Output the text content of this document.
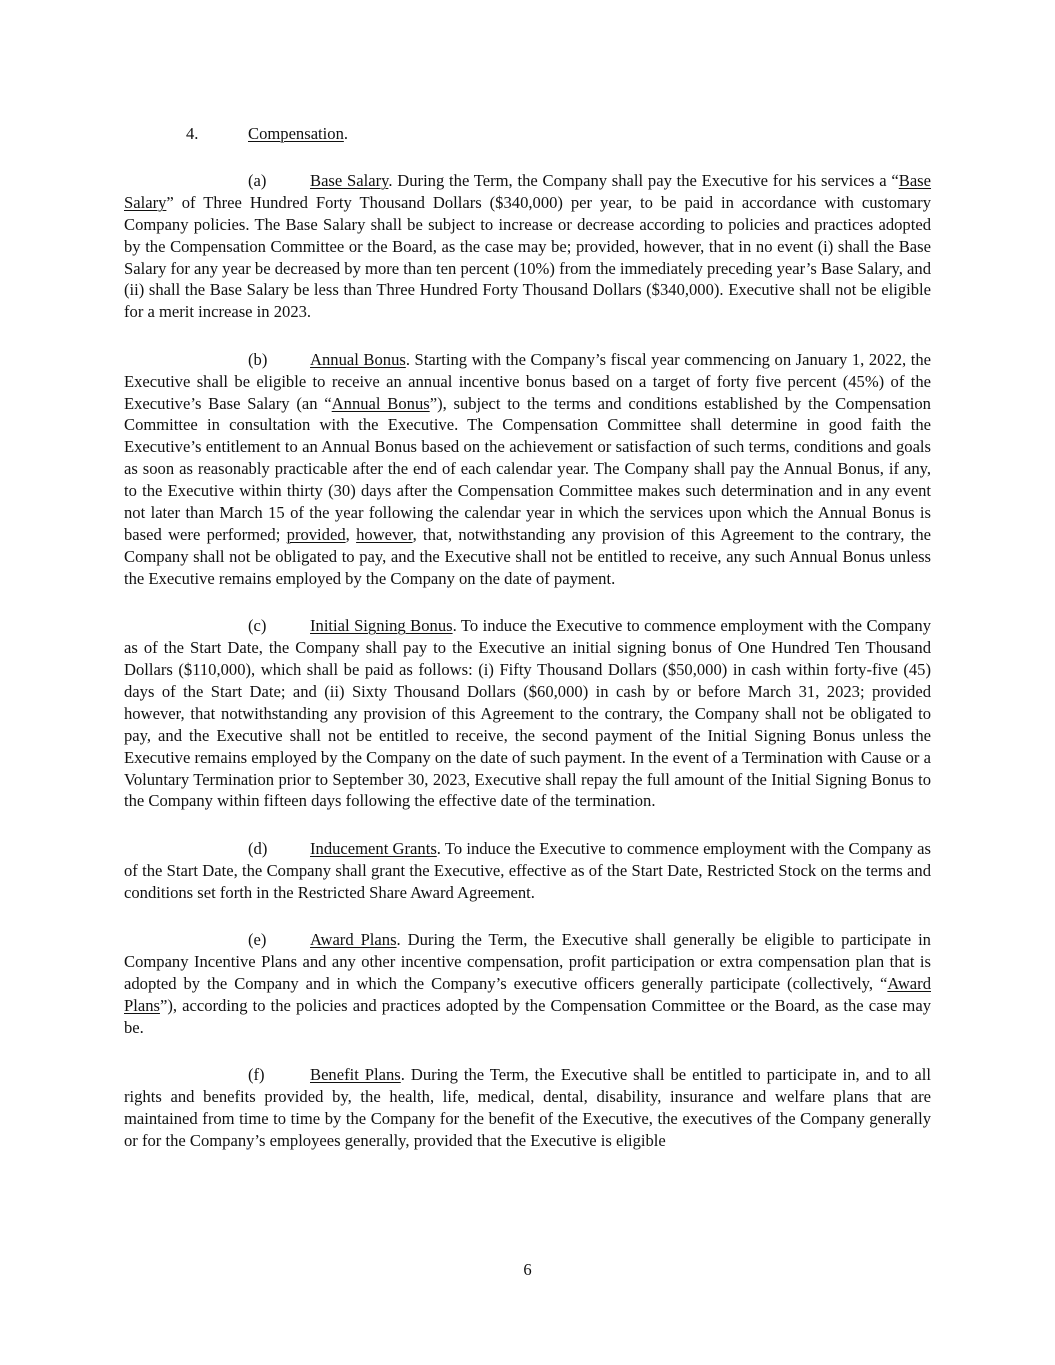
4.	Compensation.

(a)	Base Salary. During the Term, the Company shall pay the Executive for his services a “Base Salary” of Three Hundred Forty Thousand Dollars ($340,000) per year, to be paid in accordance with customary Company policies. The Base Salary shall be subject to increase or decrease according to policies and practices adopted by the Compensation Committee or the Board, as the case may be; provided, however, that in no event (i) shall the Base Salary for any year be decreased by more than ten percent (10%) from the immediately preceding year’s Base Salary, and (ii) shall the Base Salary be less than Three Hundred Forty Thousand Dollars ($340,000). Executive shall not be eligible for a merit increase in 2023.

(b)	Annual Bonus. Starting with the Company’s fiscal year commencing on January 1, 2022, the Executive shall be eligible to receive an annual incentive bonus based on a target of forty five percent (45%) of the Executive’s Base Salary (an “Annual Bonus”), subject to the terms and conditions established by the Compensation Committee in consultation with the Executive. The Compensation Committee shall determine in good faith the Executive’s entitlement to an Annual Bonus based on the achievement or satisfaction of such terms, conditions and goals as soon as reasonably practicable after the end of each calendar year. The Company shall pay the Annual Bonus, if any, to the Executive within thirty (30) days after the Compensation Committee makes such determination and in any event not later than March 15 of the year following the calendar year in which the services upon which the Annual Bonus is based were performed; provided, however, that, notwithstanding any provision of this Agreement to the contrary, the Company shall not be obligated to pay, and the Executive shall not be entitled to receive, any such Annual Bonus unless the Executive remains employed by the Company on the date of payment.

(c)	Initial Signing Bonus. To induce the Executive to commence employment with the Company as of the Start Date, the Company shall pay to the Executive an initial signing bonus of One Hundred Ten Thousand Dollars ($110,000), which shall be paid as follows: (i) Fifty Thousand Dollars ($50,000) in cash within forty-five (45) days of the Start Date; and (ii) Sixty Thousand Dollars ($60,000) in cash by or before March 31, 2023; provided however, that notwithstanding any provision of this Agreement to the contrary, the Company shall not be obligated to pay, and the Executive shall not be entitled to receive, the second payment of the Initial Signing Bonus unless the Executive remains employed by the Company on the date of such payment. In the event of a Termination with Cause or a Voluntary Termination prior to September 30, 2023, Executive shall repay the full amount of the Initial Signing Bonus to the Company within fifteen days following the effective date of the termination.

(d)	Inducement Grants. To induce the Executive to commence employment with the Company as of the Start Date, the Company shall grant the Executive, effective as of the Start Date, Restricted Stock on the terms and conditions set forth in the Restricted Share Award Agreement.

(e)	Award Plans. During the Term, the Executive shall generally be eligible to participate in Company Incentive Plans and any other incentive compensation, profit participation or extra compensation plan that is adopted by the Company and in which the Company’s executive officers generally participate (collectively, “Award Plans”), according to the policies and practices adopted by the Compensation Committee or the Board, as the case may be.

(f)	Benefit Plans. During the Term, the Executive shall be entitled to participate in, and to all rights and benefits provided by, the health, life, medical, dental, disability, insurance and welfare plans that are maintained from time to time by the Company for the benefit of the Executive, the executives of the Company generally or for the Company’s employees generally, provided that the Executive is eligible

6
